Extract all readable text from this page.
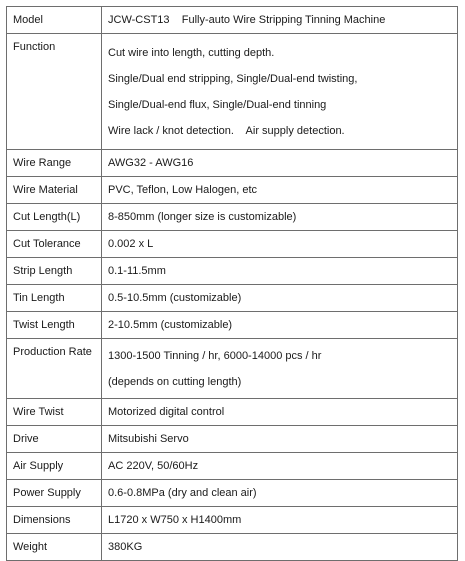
Model	JCW-CST13    Fully-auto Wire Stripping Tinning Machine

Function	Cut wire into length, cutting depth.
Single/Dual end stripping, Single/Dual-end twisting,
Single/Dual-end flux, Single/Dual-end tinning
Wire lack / knot detection.    Air supply detection.

Wire Range	AWG32 - AWG16

Wire Material	PVC, Teflon, Low Halogen, etc

Cut Length(L)	8-850mm (longer size is customizable)

Cut Tolerance	0.002 x L

Strip Length	0.1-11.5mm

Tin Length	0.5-10.5mm (customizable)

Twist Length	2-10.5mm (customizable)

Production Rate	1300-1500 Tinning / hr, 6000-14000 pcs / hr
(depends on cutting length)

Wire Twist	Motorized digital control

Drive	Mitsubishi Servo

Air Supply	AC 220V, 50/60Hz

Power Supply	0.6-0.8MPa (dry and clean air)

Dimensions	L1720 x W750 x H1400mm

Weight	380KG
